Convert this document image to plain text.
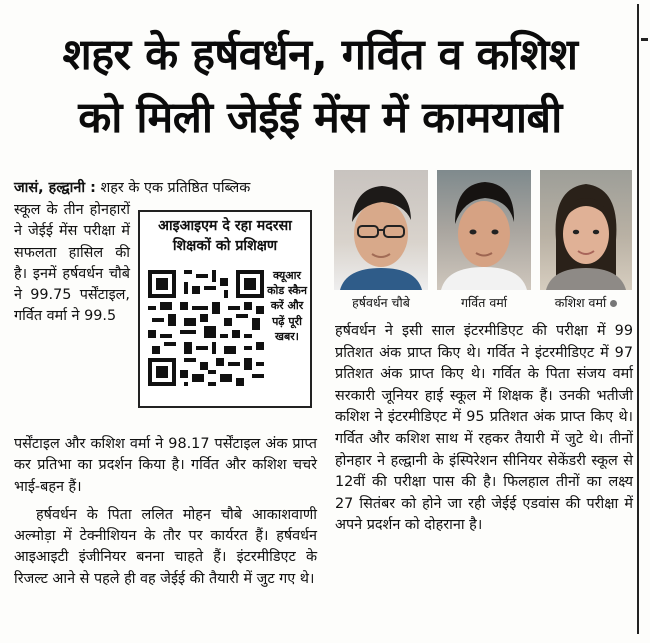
शहर के हर्षवर्धन, गर्वित व कशिश
को मिली जेईई मेंस में कामयाबी
जासं, हल्द्वानी : शहर के एक प्रतिष्ठित पब्लिक
स्कूल के तीन होनहारों ने जेईई मेंस परीक्षा में सफलता हासिल की है। इनमें हर्षवर्धन चौबे ने 99.75 पर्सेंटाइल, गर्वित वर्मा ने 99.5
आइआइएम दे रहा मदरसा शिक्षकों को प्रशिक्षण
क्यूआर कोड स्कैन करें और पढ़ें पूरी खबर।

पर्सेंटाइल और कशिश वर्मा ने 98.17 पर्सेंटाइल अंक प्राप्त कर प्रतिभा का प्रदर्शन किया है। गर्वित और कशिश चचरे भाई-बहन हैं।

हर्षवर्धन के पिता ललित मोहन चौबे आकाशवाणी अल्मोड़ा में टेक्नीशियन के तौर पर कार्यरत हैं। हर्षवर्धन आइआइटी इंजीनियर बनना चाहते हैं। इंटरमीडिएट के रिजल्ट आने से पहले ही वह जेईई की तैयारी में जुट गए थे।

हर्षवर्धन चौबे	गर्वित वर्मा	कशिश वर्मा
हर्षवर्धन ने इसी साल इंटरमीडिएट की परीक्षा में 99 प्रतिशत अंक प्राप्त किए थे। गर्वित ने इंटरमीडिएट में 97 प्रतिशत अंक प्राप्त किए थे। गर्वित के पिता संजय वर्मा सरकारी जूनियर हाई स्कूल में शिक्षक हैं। उनकी भतीजी कशिश ने इंटरमीडिएट में 95 प्रतिशत अंक प्राप्त किए थे। गर्वित और कशिश साथ में रहकर तैयारी में जुटे थे। तीनों होनहार ने हल्द्वानी के इंस्पिरेशन सीनियर सेकेंडरी स्कूल से 12वीं की परीक्षा पास की है। फिलहाल तीनों का लक्ष्य 27 सितंबर को होने जा रही जेईई एडवांस की परीक्षा में अपने प्रदर्शन को दोहराना है।
